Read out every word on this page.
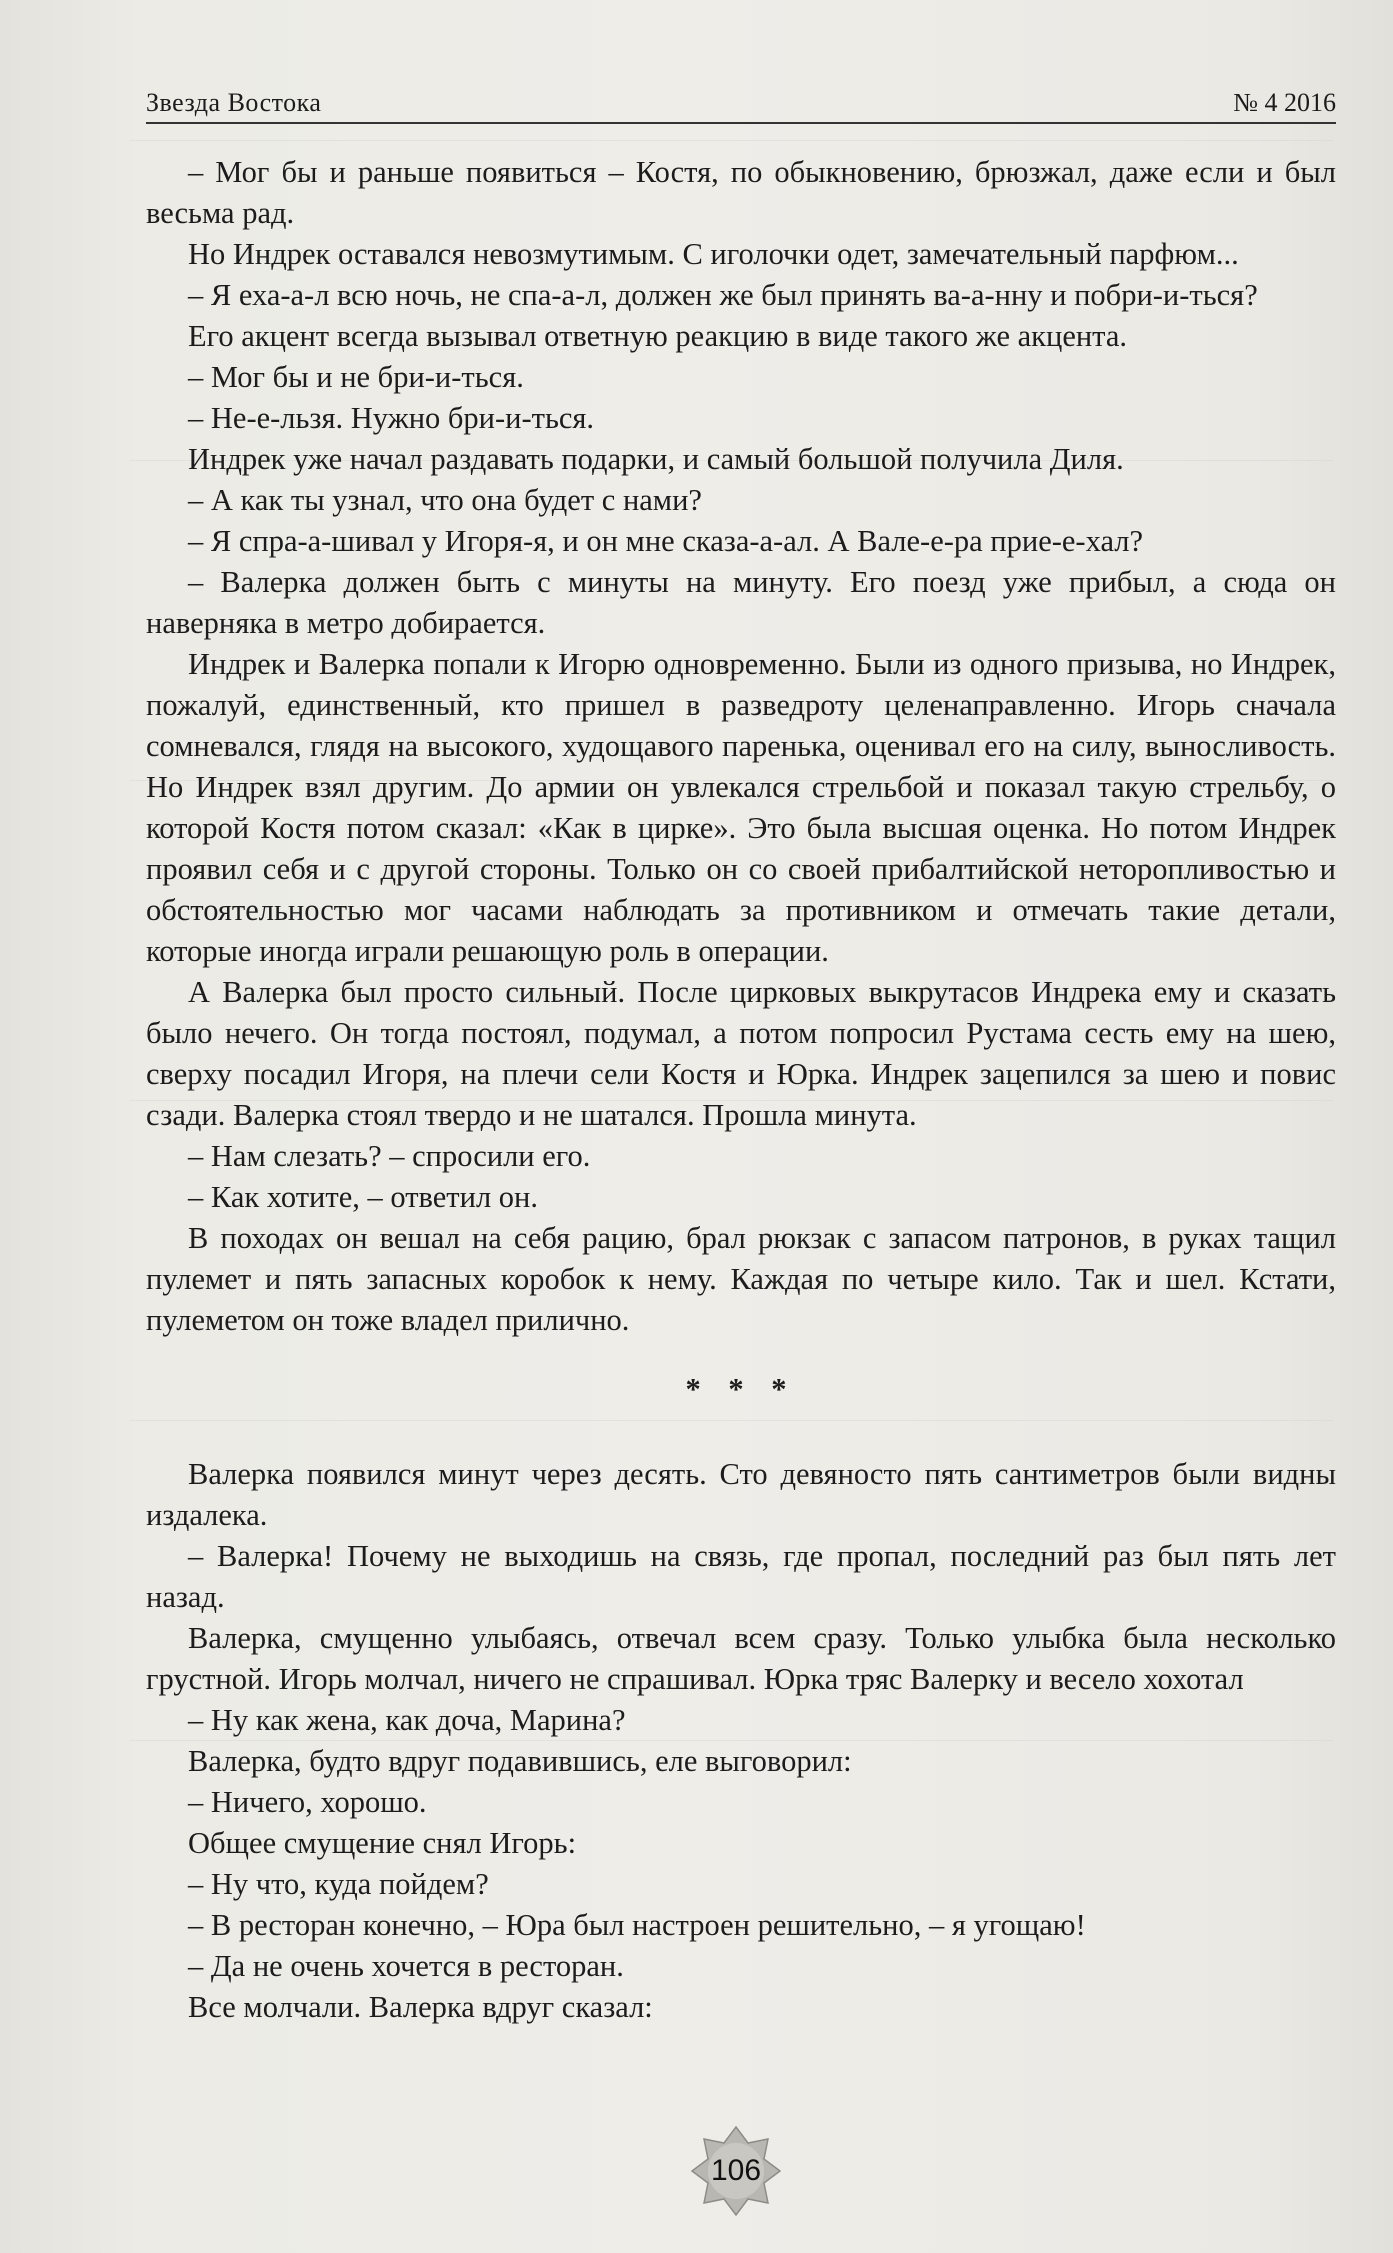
Звезда Востока	№ 4 2016

– Мог бы и раньше появиться – Костя, по обыкновению, брюзжал, даже если и был весьма рад.

Но Индрек оставался невозмутимым. С иголочки одет, замечательный парфюм...

– Я еха-а-л всю ночь, не спа-а-л, должен же был принять ва-а-нну и побри-и-ться?

Его акцент всегда вызывал ответную реакцию в виде такого же акцента.

– Мог бы и не бри-и-ться.

– Не-е-льзя. Нужно бри-и-ться.

Индрек уже начал раздавать подарки, и самый большой получила Диля.

– А как ты узнал, что она будет с нами?

– Я спра-а-шивал у Игоря-я, и он мне сказа-а-ал. А Вале-е-ра прие-е-хал?

– Валерка должен быть с минуты на минуту. Его поезд уже прибыл, а сюда он наверняка в метро добирается.

Индрек и Валерка попали к Игорю одновременно. Были из одного призыва, но Индрек, пожалуй, единственный, кто пришел в разведроту целенаправленно. Игорь сначала сомневался, глядя на высокого, худощавого паренька, оценивал его на силу, выносливость. Но Индрек взял другим. До армии он увлекался стрельбой и показал такую стрельбу, о которой Костя потом сказал: «Как в цирке». Это была высшая оценка. Но потом Индрек проявил себя и с другой стороны. Только он со своей прибалтийской неторопливостью и обстоятельностью мог часами наблюдать за противником и отмечать такие детали, которые иногда играли решающую роль в операции.

А Валерка был просто сильный. После цирковых выкрутасов Индрека ему и сказать было нечего. Он тогда постоял, подумал, а потом попросил Рустама сесть ему на шею, сверху посадил Игоря, на плечи сели Костя и Юрка. Индрек зацепился за шею и повис сзади. Валерка стоял твердо и не шатался. Прошла минута.

– Нам слезать? – спросили его.

– Как хотите, – ответил он.

В походах он вешал на себя рацию, брал рюкзак с запасом патронов, в руках тащил пулемет и пять запасных коробок к нему. Каждая по четыре кило. Так и шел. Кстати, пулеметом он тоже владел прилично.

* * *

Валерка появился минут через десять. Сто девяносто пять сантиметров были видны издалека.

– Валерка! Почему не выходишь на связь, где пропал, последний раз был пять лет назад.

Валерка, смущенно улыбаясь, отвечал всем сразу. Только улыбка была несколько грустной. Игорь молчал, ничего не спрашивал. Юрка тряс Валерку и весело хохотал

– Ну как жена, как доча, Марина?

Валерка, будто вдруг подавившись, еле выговорил:

– Ничего, хорошо.

Общее смущение снял Игорь:

– Ну что, куда пойдем?

– В ресторан конечно, – Юра был настроен решительно, – я угощаю!

– Да не очень хочется в ресторан.

Все молчали. Валерка вдруг сказал:

106
